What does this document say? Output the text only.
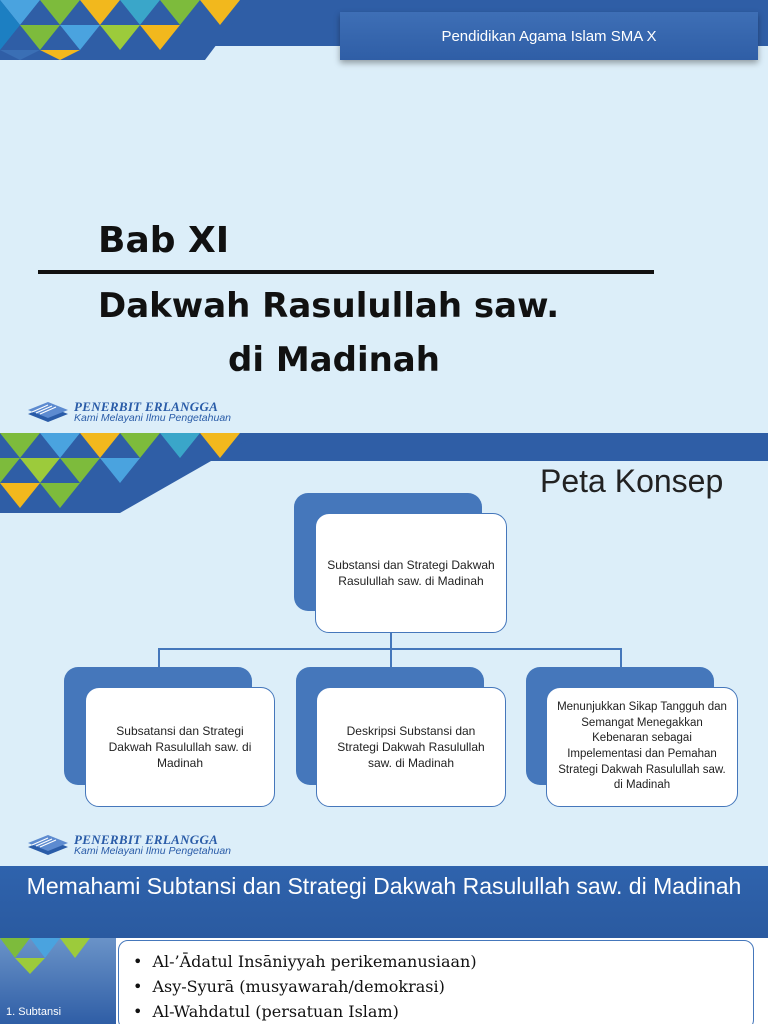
Pendidikan Agama Islam SMA X
Bab XI
Dakwah Rasulullah saw.
di Madinah
PENERBIT ERLANGGA
Kami Melayani Ilmu Pengetahuan
Peta Konsep
Substansi dan Strategi Dakwah Rasulullah saw. di Madinah
Subsatansi dan Strategi Dakwah Rasulullah saw. di Madinah
Deskripsi Substansi dan Strategi Dakwah Rasulullah saw. di Madinah
Menunjukkan Sikap Tangguh dan Semangat Menegakkan Kebenaran sebagai Impelementasi dan Pemahan Strategi Dakwah Rasulullah saw. di Madinah
PENERBIT ERLANGGA
Kami Melayani Ilmu Pengetahuan
Memahami Subtansi dan Strategi Dakwah Rasulullah saw. di Madinah
1. Subtansi
• Al-’Ādatul Insāniyyah perikemanusiaan)
• Asy-Syurā (musyawarah/demokrasi)
• Al-Wahdatul (persatuan Islam)
